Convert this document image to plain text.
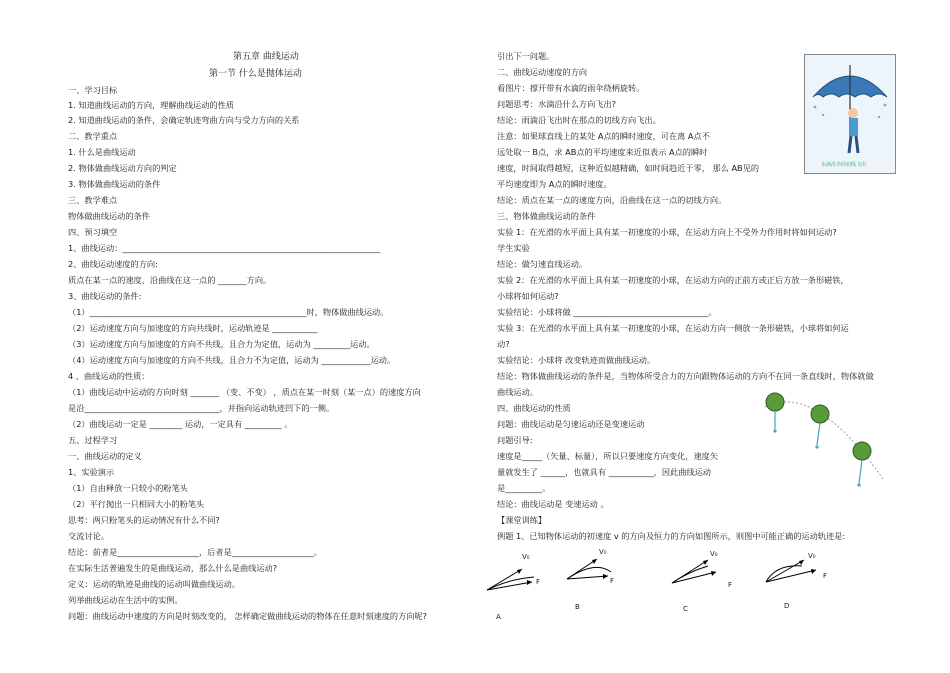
第五章 曲线运动
第一节 什么是抛体运动
一、学习目标
1. 知道曲线运动的方向，理解曲线运动的性质
2. 知道曲线运动的条件，会确定轨迹弯曲方向与受力方向的关系
二、教学重点
1. 什么是曲线运动
2. 物体做曲线运动方向的判定
3. 物体做曲线运动的条件
三、教学难点
物体做曲线运动的条件
四、预习填空
1、曲线运动：_______________________________________________________________
2、曲线运动速度的方向:
质点在某一点的速度，沿曲线在这一点的 _______方向。
3、曲线运动的条件:
（1）_____________________________________________________时，物体做曲线运动。
（2）运动速度方向与加速度的方向共线时，运动轨迹是 ___________
（3）运动速度方向与加速度的方向不共线，且合力为定值，运动为 _________运动。
（4）运动速度方向与加速度的方向不共线，且合力不为定值，运动为 ____________运动。
4 、曲线运动的性质：
（1）曲线运动中运动的方向时刻 _______ （变、不变） ，质点在某一时刻（某一点）的速度方向
是沿_________________________________，并指向运动轨迹凹下的一侧。
（2）曲线运动一定是 ________ 运动，一定具有 _________ 。
五、过程学习
一、曲线运动的定义
1、实验演示
（1）自由释放一只较小的粉笔头
（2）平行抛出一只相同大小的粉笔头
思考：两只粉笔头的运动情况有什么不同?
交流讨论。
结论：前者是____________________，后者是____________________。
在实际生活普遍发生的是曲线运动，那么什么是曲线运动?
定义：运动的轨迹是曲线的运动叫做曲线运动。
列举曲线运动在生活中的实例。
问题：曲线运动中速度的方向是时刻改变的， 怎样确定做曲线运动的物体在任意时刻速度的方向呢?
引出下一问题。
二、曲线运动速度的方向
看图片：撑开带有水滴的雨伞绕柄旋转。
问题思考：水滴沿什么方向飞出?
结论：雨滴沿飞出时在那点的切线方向飞出。
注意：如果球直线上的某处 A点的瞬时速度，可在离 A点不
远处取一 B点，求 AB点的平均速度来近似表示 A点的瞬时
速度，时间取得越短，这种近似越精确，如时间趋近于零， 那么 AB见的
平均速度即为 A点的瞬时速度。
结论：质点在某一点的速度方向，沿曲线在这一点的切线方向。
三、物体做曲线运动的条件
实验 1：在光滑的水平面上具有某一初速度的小球，在运动方向上不受外力作用时将如何运动?
学生实验
结论：做匀速直线运动。
实验 2：在光滑的水平面上具有某一初速度的小球，在运动方向的正前方或正后方放一条形磁铁，
小球将如何运动?
实验结论：小球将做 _________________________________。
实验 3：在光滑的水平面上具有某一初速度的小球，在运动方向一侧放一条形磁铁，小球将如何运
动?
实验结论：小球将 改变轨迹而做曲线运动。
结论：物体做曲线运动的条件是，当物体所受合力的方向跟物体运动的方向不在同一条直线时，物体就做
曲线运动。
四、曲线运动的性质
问题：曲线运动是匀速运动还是变速运动
问题引导:
速度是_____（矢量、标量），所以只要速度方向变化，速度矢
量就发生了 ______，也就具有 ___________，因此曲线运动
是_________。
结论：曲线运动是 变速运动 。
【课堂训练】
例题 1、已知物体运动的初速度 v 的方向及恒力的方向如图所示，则图中可能正确的运动轨迹是:
水滴沿伞的切线飞出
V₀
F
A
V₀
F
B
V₀
F
C
V₀
F
D
